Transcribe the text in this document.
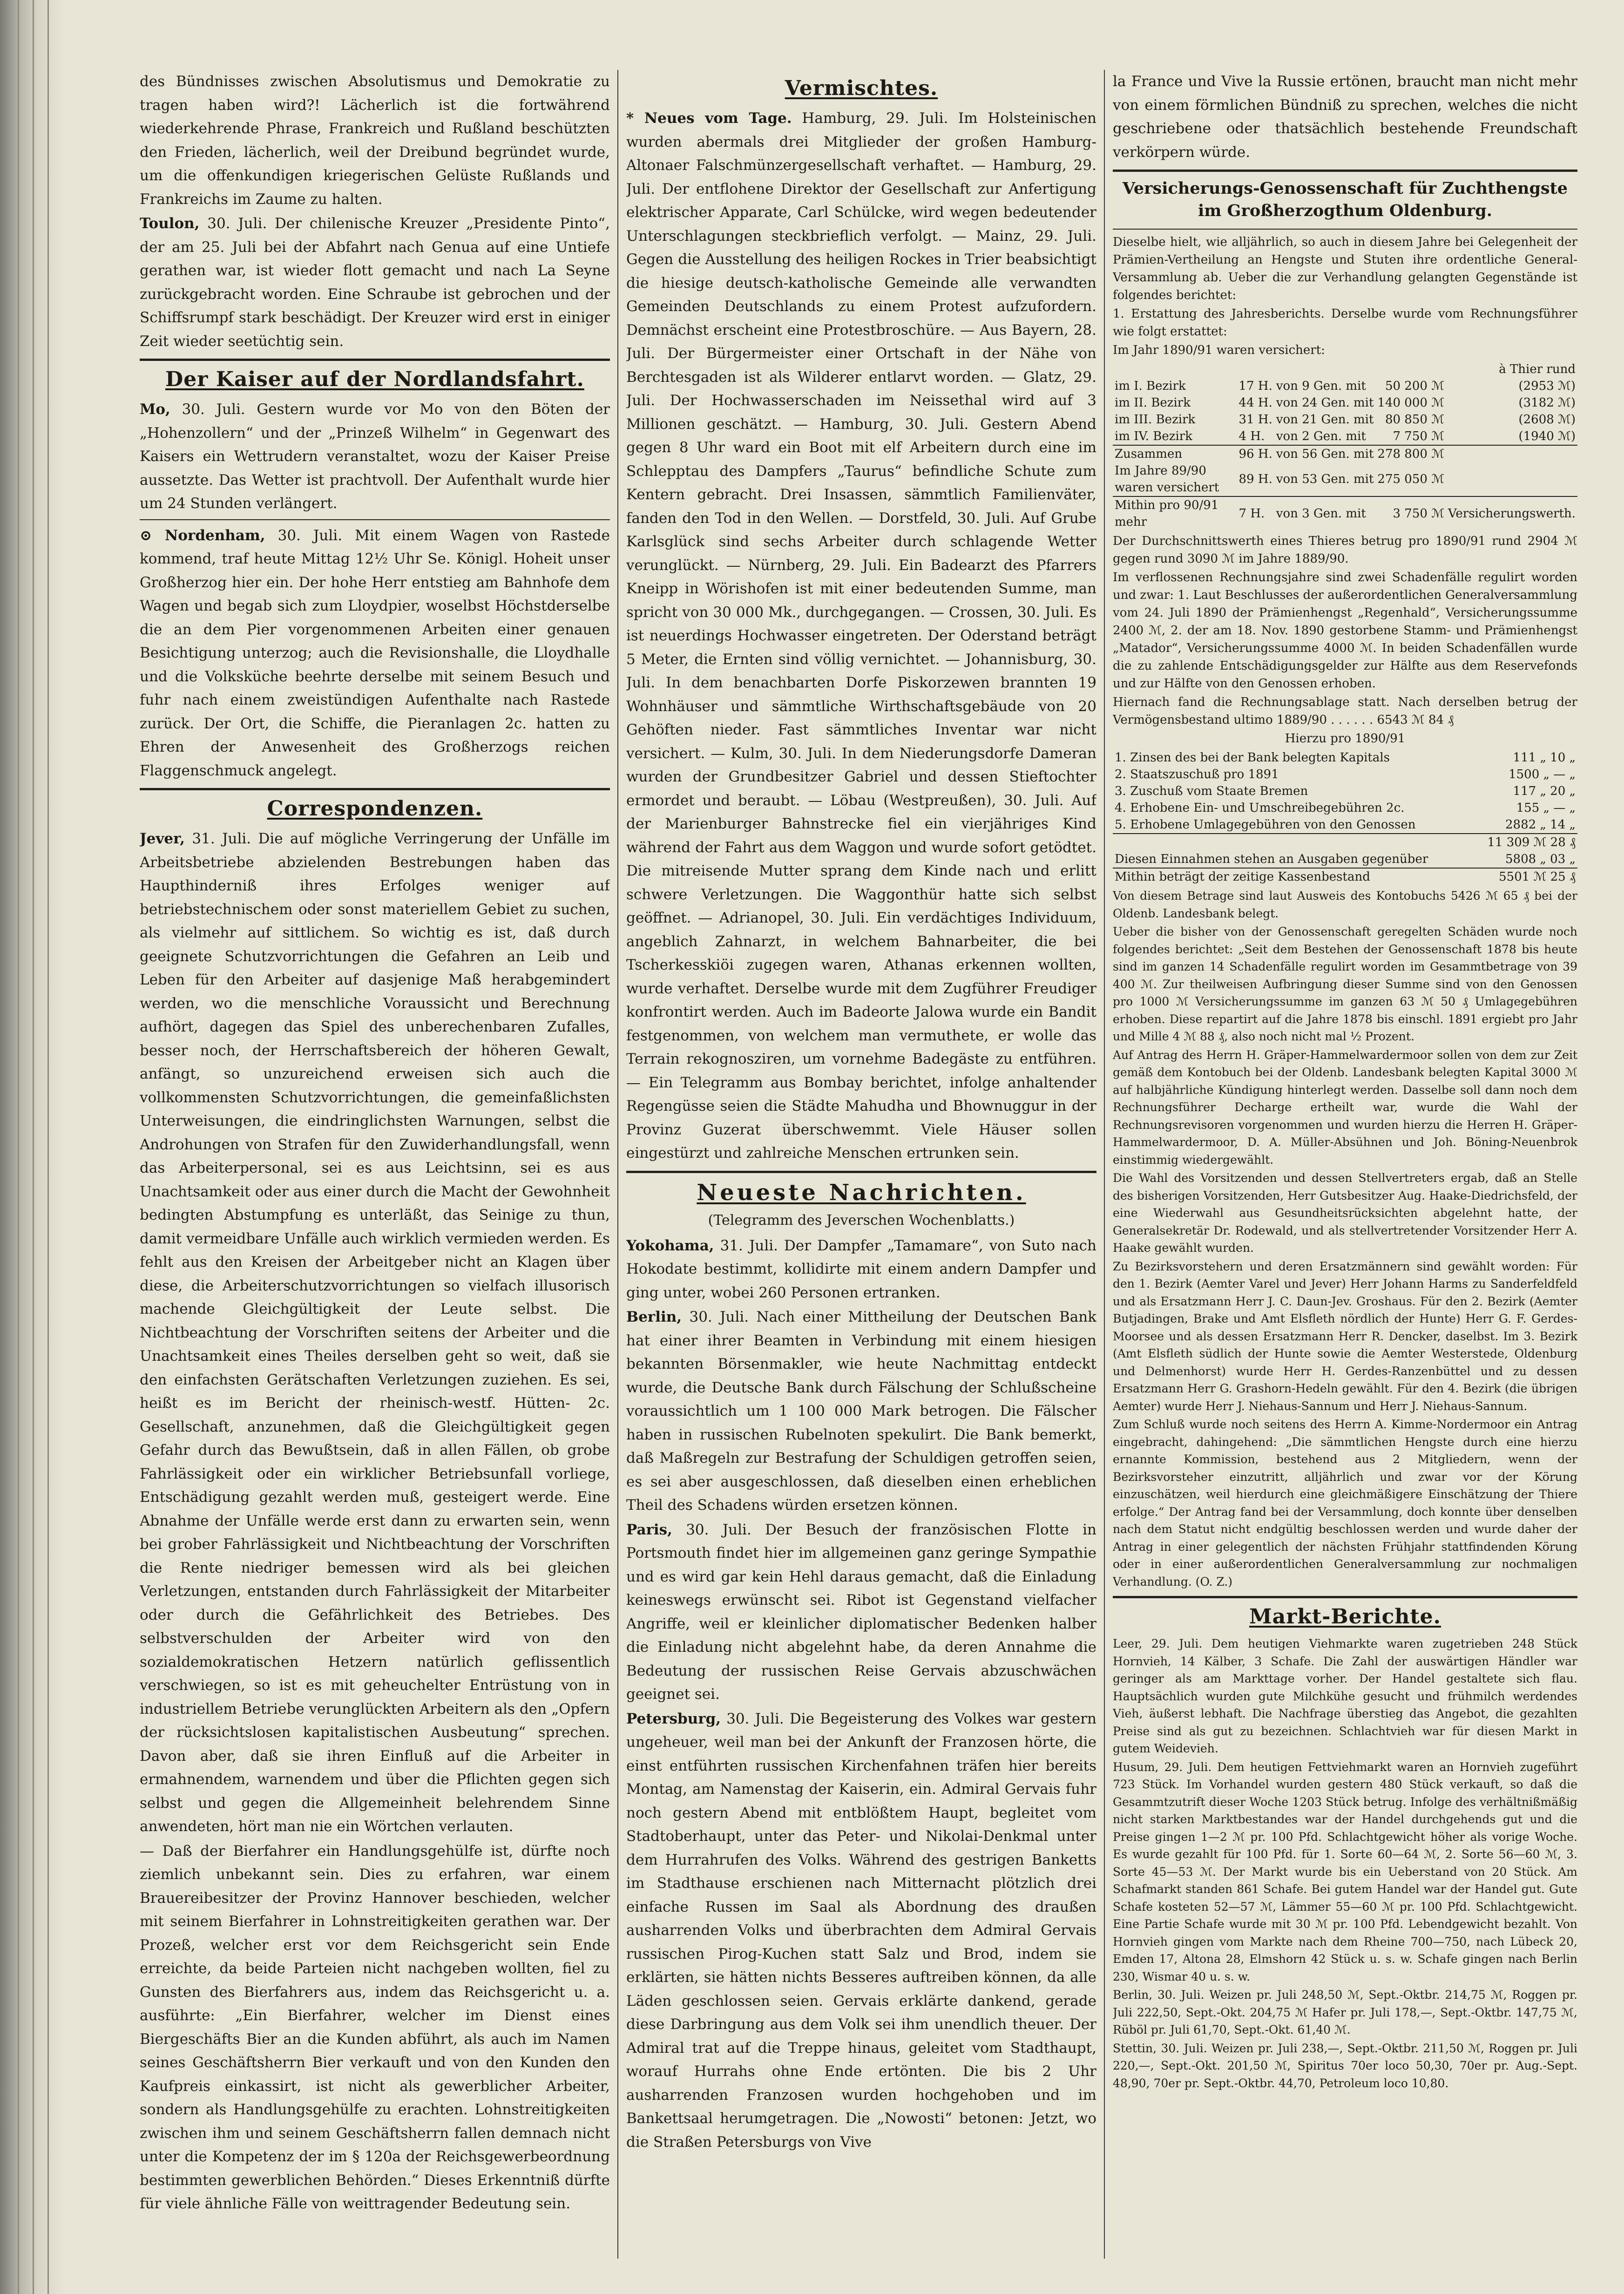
des Bündnisses zwischen Absolutismus und Demokratie zu tragen haben wird?! Lächerlich ist die fortwährend wiederkehrende Phrase, Frankreich und Rußland beschützten den Frieden, lächerlich, weil der Dreibund begründet wurde, um die offenkundigen kriegerischen Gelüste Rußlands und Frankreichs im Zaume zu halten.

Toulon, 30. Juli. Der chilenische Kreuzer „Presidente Pinto“, der am 25. Juli bei der Abfahrt nach Genua auf eine Untiefe gerathen war, ist wieder flott gemacht und nach La Seyne zurückgebracht worden. Eine Schraube ist gebrochen und der Schiffsrumpf stark beschädigt. Der Kreuzer wird erst in einiger Zeit wieder seetüchtig sein.

Der Kaiser auf der Nordlandsfahrt.

Mo, 30. Juli. Gestern wurde vor Mo von den Böten der „Hohenzollern“ und der „Prinzeß Wilhelm“ in Gegenwart des Kaisers ein Wettrudern veranstaltet, wozu der Kaiser Preise aussetzte. Das Wetter ist prachtvoll. Der Aufenthalt wurde hier um 24 Stunden verlängert.

⊙ Nordenham, 30. Juli. Mit einem Wagen von Rastede kommend, traf heute Mittag 12½ Uhr Se. Königl. Hoheit unser Großherzog hier ein. Der hohe Herr entstieg am Bahnhofe dem Wagen und begab sich zum Lloydpier, woselbst Höchstderselbe die an dem Pier vorgenommenen Arbeiten einer genauen Besichtigung unterzog; auch die Revisionshalle, die Lloydhalle und die Volksküche beehrte derselbe mit seinem Besuch und fuhr nach einem zweistündigen Aufenthalte nach Rastede zurück. Der Ort, die Schiffe, die Pieranlagen 2c. hatten zu Ehren der Anwesenheit des Großherzogs reichen Flaggenschmuck angelegt.

Correspondenzen.

Jever, 31. Juli. Die auf mögliche Verringerung der Unfälle im Arbeitsbetriebe abzielenden Bestrebungen haben das Haupthinderniß ihres Erfolges weniger auf betriebstechnischem oder sonst materiellem Gebiet zu suchen, als vielmehr auf sittlichem. So wichtig es ist, daß durch geeignete Schutzvorrichtungen die Gefahren an Leib und Leben für den Arbeiter auf dasjenige Maß herabgemindert werden, wo die menschliche Voraussicht und Berechnung aufhört, dagegen das Spiel des unberechenbaren Zufalles, besser noch, der Herrschaftsbereich der höheren Gewalt, anfängt, so unzureichend erweisen sich auch die vollkommensten Schutzvorrichtungen, die gemeinfaßlichsten Unterweisungen, die eindringlichsten Warnungen, selbst die Androhungen von Strafen für den Zuwiderhandlungsfall, wenn das Arbeiterpersonal, sei es aus Leichtsinn, sei es aus Unachtsamkeit oder aus einer durch die Macht der Gewohnheit bedingten Abstumpfung es unterläßt, das Seinige zu thun, damit vermeidbare Unfälle auch wirklich vermieden werden. Es fehlt aus den Kreisen der Arbeitgeber nicht an Klagen über diese, die Arbeiterschutzvorrichtungen so vielfach illusorisch machende Gleichgültigkeit der Leute selbst. Die Nichtbeachtung der Vorschriften seitens der Arbeiter und die Unachtsamkeit eines Theiles derselben geht so weit, daß sie den einfachsten Gerätschaften Verletzungen zuziehen. Es sei, heißt es im Bericht der rheinisch-westf. Hütten- 2c. Gesellschaft, anzunehmen, daß die Gleichgültigkeit gegen Gefahr durch das Bewußtsein, daß in allen Fällen, ob grobe Fahrlässigkeit oder ein wirklicher Betriebsunfall vorliege, Entschädigung gezahlt werden muß, gesteigert werde. Eine Abnahme der Unfälle werde erst dann zu erwarten sein, wenn bei grober Fahrlässigkeit und Nichtbeachtung der Vorschriften die Rente niedriger bemessen wird als bei gleichen Verletzungen, entstanden durch Fahrlässigkeit der Mitarbeiter oder durch die Gefährlichkeit des Betriebes. Des selbstverschulden der Arbeiter wird von den sozialdemokratischen Hetzern natürlich geflissentlich verschwiegen, so ist es mit geheuchelter Entrüstung von in industriellem Betriebe verunglückten Arbeitern als den „Opfern der rücksichtslosen kapitalistischen Ausbeutung“ sprechen. Davon aber, daß sie ihren Einfluß auf die Arbeiter in ermahnendem, warnendem und über die Pflichten gegen sich selbst und gegen die Allgemeinheit belehrendem Sinne anwendeten, hört man nie ein Wörtchen verlauten.

— Daß der Bierfahrer ein Handlungsgehülfe ist, dürfte noch ziemlich unbekannt sein. Dies zu erfahren, war einem Brauereibesitzer der Provinz Hannover beschieden, welcher mit seinem Bierfahrer in Lohnstreitigkeiten gerathen war. Der Prozeß, welcher erst vor dem Reichsgericht sein Ende erreichte, da beide Parteien nicht nachgeben wollten, fiel zu Gunsten des Bierfahrers aus, indem das Reichsgericht u. a. ausführte: „Ein Bierfahrer, welcher im Dienst eines Biergeschäfts Bier an die Kunden abführt, als auch im Namen seines Geschäftsherrn Bier verkauft und von den Kunden den Kaufpreis einkassirt, ist nicht als gewerblicher Arbeiter, sondern als Handlungsgehülfe zu erachten. Lohnstreitigkeiten zwischen ihm und seinem Geschäftsherrn fallen demnach nicht unter die Kompetenz der im § 120a der Reichsgewerbeordnung bestimmten gewerblichen Behörden.“ Dieses Erkenntniß dürfte für viele ähnliche Fälle von weittragender Bedeutung sein.

Vermischtes.

* Neues vom Tage. Hamburg, 29. Juli. Im Holsteinischen wurden abermals drei Mitglieder der großen Hamburg-Altonaer Falschmünzergesellschaft verhaftet. — Hamburg, 29. Juli. Der entflohene Direktor der Gesellschaft zur Anfertigung elektrischer Apparate, Carl Schülcke, wird wegen bedeutender Unterschlagungen steckbrieflich verfolgt. — Mainz, 29. Juli. Gegen die Ausstellung des heiligen Rockes in Trier beabsichtigt die hiesige deutsch-katholische Gemeinde alle verwandten Gemeinden Deutschlands zu einem Protest aufzufordern. Demnächst erscheint eine Protestbroschüre. — Aus Bayern, 28. Juli. Der Bürgermeister einer Ortschaft in der Nähe von Berchtesgaden ist als Wilderer entlarvt worden. — Glatz, 29. Juli. Der Hochwasserschaden im Neissethal wird auf 3 Millionen geschätzt. — Hamburg, 30. Juli. Gestern Abend gegen 8 Uhr ward ein Boot mit elf Arbeitern durch eine im Schlepptau des Dampfers „Taurus“ befindliche Schute zum Kentern gebracht. Drei Insassen, sämmtlich Familienväter, fanden den Tod in den Wellen. — Dorstfeld, 30. Juli. Auf Grube Karlsglück sind sechs Arbeiter durch schlagende Wetter verunglückt. — Nürnberg, 29. Juli. Ein Badearzt des Pfarrers Kneipp in Wörishofen ist mit einer bedeutenden Summe, man spricht von 30 000 Mk., durchgegangen. — Crossen, 30. Juli. Es ist neuerdings Hochwasser eingetreten. Der Oderstand beträgt 5 Meter, die Ernten sind völlig vernichtet. — Johannisburg, 30. Juli. In dem benachbarten Dorfe Piskorzewen brannten 19 Wohnhäuser und sämmtliche Wirthschaftsgebäude von 20 Gehöften nieder. Fast sämmtliches Inventar war nicht versichert. — Kulm, 30. Juli. In dem Niederungsdorfe Dameran wurden der Grundbesitzer Gabriel und dessen Stieftochter ermordet und beraubt. — Löbau (Westpreußen), 30. Juli. Auf der Marienburger Bahnstrecke fiel ein vierjähriges Kind während der Fahrt aus dem Waggon und wurde sofort getödtet. Die mitreisende Mutter sprang dem Kinde nach und erlitt schwere Verletzungen. Die Waggonthür hatte sich selbst geöffnet. — Adrianopel, 30. Juli. Ein verdächtiges Individuum, angeblich Zahnarzt, in welchem Bahnarbeiter, die bei Tscherkesskiöi zugegen waren, Athanas erkennen wollten, wurde verhaftet. Derselbe wurde mit dem Zugführer Freudiger konfrontirt werden. Auch im Badeorte Jalowa wurde ein Bandit festgenommen, von welchem man vermuthete, er wolle das Terrain rekognosziren, um vornehme Badegäste zu entführen. — Ein Telegramm aus Bombay berichtet, infolge anhaltender Regengüsse seien die Städte Mahudha und Bhownuggur in der Provinz Guzerat überschwemmt. Viele Häuser sollen eingestürzt und zahlreiche Menschen ertrunken sein.

Neueste Nachrichten.
(Telegramm des Jeverschen Wochenblatts.)

Yokohama, 31. Juli. Der Dampfer „Tamamare“, von Suto nach Hokodate bestimmt, kollidirte mit einem andern Dampfer und ging unter, wobei 260 Personen ertranken.

Berlin, 30. Juli. Nach einer Mittheilung der Deutschen Bank hat einer ihrer Beamten in Verbindung mit einem hiesigen bekannten Börsenmakler, wie heute Nachmittag entdeckt wurde, die Deutsche Bank durch Fälschung der Schlußscheine voraussichtlich um 1 100 000 Mark betrogen. Die Fälscher haben in russischen Rubelnoten spekulirt. Die Bank bemerkt, daß Maßregeln zur Bestrafung der Schuldigen getroffen seien, es sei aber ausgeschlossen, daß dieselben einen erheblichen Theil des Schadens würden ersetzen können.

Paris, 30. Juli. Der Besuch der französischen Flotte in Portsmouth findet hier im allgemeinen ganz geringe Sympathie und es wird gar kein Hehl daraus gemacht, daß die Einladung keineswegs erwünscht sei. Ribot ist Gegenstand vielfacher Angriffe, weil er kleinlicher diplomatischer Bedenken halber die Einladung nicht abgelehnt habe, da deren Annahme die Bedeutung der russischen Reise Gervais abzuschwächen geeignet sei.

Petersburg, 30. Juli. Die Begeisterung des Volkes war gestern ungeheuer, weil man bei der Ankunft der Franzosen hörte, die einst entführten russischen Kirchenfahnen träfen hier bereits Montag, am Namenstag der Kaiserin, ein. Admiral Gervais fuhr noch gestern Abend mit entblößtem Haupt, begleitet vom Stadtoberhaupt, unter das Peter- und Nikolai-Denkmal unter dem Hurrahrufen des Volks. Während des gestrigen Banketts im Stadthause erschienen nach Mitternacht plötzlich drei einfache Russen im Saal als Abordnung des draußen ausharrenden Volks und überbrachten dem Admiral Gervais russischen Pirog-Kuchen statt Salz und Brod, indem sie erklärten, sie hätten nichts Besseres auftreiben können, da alle Läden geschlossen seien. Gervais erklärte dankend, gerade diese Darbringung aus dem Volk sei ihm unendlich theuer. Der Admiral trat auf die Treppe hinaus, geleitet vom Stadthaupt, worauf Hurrahs ohne Ende ertönten. Die bis 2 Uhr ausharrenden Franzosen wurden hochgehoben und im Bankettsaal herumgetragen. Die „Nowosti“ betonen: Jetzt, wo die Straßen Petersburgs von Vive

la France und Vive la Russie ertönen, braucht man nicht mehr von einem förmlichen Bündniß zu sprechen, welches die nicht geschriebene oder thatsächlich bestehende Freundschaft verkörpern würde.

Versicherungs-Genossenschaft für Zuchthengste im Großherzogthum Oldenburg.

Dieselbe hielt, wie alljährlich, so auch in diesem Jahre bei Gelegenheit der Prämien-Vertheilung an Hengste und Stuten ihre ordentliche General-Versammlung ab. Ueber die zur Verhandlung gelangten Gegenstände ist folgendes berichtet:

1. Erstattung des Jahresberichts. Derselbe wurde vom Rechnungsführer wie folgt erstattet:

Im Jahr 1890/91 waren versichert:

				à Thier rund
im I. Bezirk	17 H.	von 9 Gen. mit	50 200 ℳ	(2953 ℳ)
im II. Bezirk	44 H.	von 24 Gen. mit	140 000 ℳ	(3182 ℳ)
im III. Bezirk	31 H.	von 21 Gen. mit	80 850 ℳ	(2608 ℳ)
im IV. Bezirk	4 H.	von 2 Gen. mit	7 750 ℳ	(1940 ℳ)
Zusammen	96 H.	von 56 Gen. mit	278 800 ℳ	
Im Jahre 89/90 waren versichert	89 H.	von 53 Gen. mit	275 050 ℳ	
Mithin pro 90/91 mehr	7 H.	von 3 Gen. mit	3 750 ℳ	Versicherungswerth.

Der Durchschnittswerth eines Thieres betrug pro 1890/91 rund 2904 ℳ gegen rund 3090 ℳ im Jahre 1889/90.

Im verflossenen Rechnungsjahre sind zwei Schadenfälle regulirt worden und zwar: 1. Laut Beschlusses der außerordentlichen Generalversammlung vom 24. Juli 1890 der Prämienhengst „Regenhald“, Versicherungssumme 2400 ℳ, 2. der am 18. Nov. 1890 gestorbene Stamm- und Prämienhengst „Matador“, Versicherungssumme 4000 ℳ. In beiden Schadenfällen wurde die zu zahlende Entschädigungsgelder zur Hälfte aus dem Reservefonds und zur Hälfte von den Genossen erhoben.

Hiernach fand die Rechnungsablage statt. Nach derselben betrug der Vermögensbestand ultimo 1889/90 . . . . . . 6543 ℳ 84 ₰

Hierzu pro 1890/91
1. Zinsen des bei der Bank belegten Kapitals	111 „ 10 „
2. Staatszuschuß pro 1891	1500 „ — „
3. Zuschuß vom Staate Bremen	117 „ 20 „
4. Erhobene Ein- und Umschreibegebühren 2c.	155 „ — „
5. Erhobene Umlagegebühren von den Genossen	2882 „ 14 „
	11 309 ℳ 28 ₰
Diesen Einnahmen stehen an Ausgaben gegenüber	5808 „ 03 „
Mithin beträgt der zeitige Kassenbestand	5501 ℳ 25 ₰

Von diesem Betrage sind laut Ausweis des Kontobuchs 5426 ℳ 65 ₰ bei der Oldenb. Landesbank belegt.

Ueber die bisher von der Genossenschaft geregelten Schäden wurde noch folgendes berichtet: „Seit dem Bestehen der Genossenschaft 1878 bis heute sind im ganzen 14 Schadenfälle regulirt worden im Gesammtbetrage von 39 400 ℳ. Zur theilweisen Aufbringung dieser Summe sind von den Genossen pro 1000 ℳ Versicherungssumme im ganzen 63 ℳ 50 ₰ Umlagegebühren erhoben. Diese repartirt auf die Jahre 1878 bis einschl. 1891 ergiebt pro Jahr und Mille 4 ℳ 88 ₰, also noch nicht mal ½ Prozent.

Auf Antrag des Herrn H. Gräper-Hammelwardermoor sollen von dem zur Zeit gemäß dem Kontobuch bei der Oldenb. Landesbank belegten Kapital 3000 ℳ auf halbjährliche Kündigung hinterlegt werden. Dasselbe soll dann noch dem Rechnungsführer Decharge ertheilt war, wurde die Wahl der Rechnungsrevisoren vorgenommen und wurden hierzu die Herren H. Gräper-Hammelwardermoor, D. A. Müller-Absühnen und Joh. Böning-Neuenbrok einstimmig wiedergewählt.

Die Wahl des Vorsitzenden und dessen Stellvertreters ergab, daß an Stelle des bisherigen Vorsitzenden, Herr Gutsbesitzer Aug. Haake-Diedrichsfeld, der eine Wiederwahl aus Gesundheitsrücksichten abgelehnt hatte, der Generalsekretär Dr. Rodewald, und als stellvertretender Vorsitzender Herr A. Haake gewählt wurden.

Zu Bezirksvorstehern und deren Ersatzmännern sind gewählt worden: Für den 1. Bezirk (Aemter Varel und Jever) Herr Johann Harms zu Sanderfeldfeld und als Ersatzmann Herr J. C. Daun-Jev. Groshaus. Für den 2. Bezirk (Aemter Butjadingen, Brake und Amt Elsfleth nördlich der Hunte) Herr G. F. Gerdes-Moorsee und als dessen Ersatzmann Herr R. Dencker, daselbst. Im 3. Bezirk (Amt Elsfleth südlich der Hunte sowie die Aemter Westerstede, Oldenburg und Delmenhorst) wurde Herr H. Gerdes-Ranzenbüttel und zu dessen Ersatzmann Herr G. Grashorn-Hedeln gewählt. Für den 4. Bezirk (die übrigen Aemter) wurde Herr J. Niehaus-Sannum und Herr J. Niehaus-Sannum.

Zum Schluß wurde noch seitens des Herrn A. Kimme-Nordermoor ein Antrag eingebracht, dahingehend: „Die sämmtlichen Hengste durch eine hierzu ernannte Kommission, bestehend aus 2 Mitgliedern, wenn der Bezirksvorsteher einzutritt, alljährlich und zwar vor der Körung einzuschätzen, weil hierdurch eine gleichmäßigere Einschätzung der Thiere erfolge.“ Der Antrag fand bei der Versammlung, doch konnte über denselben nach dem Statut nicht endgültig beschlossen werden und wurde daher der Antrag in einer gelegentlich der nächsten Frühjahr stattfindenden Körung oder in einer außerordentlichen Generalversammlung zur nochmaligen Verhandlung. (O. Z.)

Markt-Berichte.

Leer, 29. Juli. Dem heutigen Viehmarkte waren zugetrieben 248 Stück Hornvieh, 14 Kälber, 3 Schafe. Die Zahl der auswärtigen Händler war geringer als am Markttage vorher. Der Handel gestaltete sich flau. Hauptsächlich wurden gute Milchkühe gesucht und frühmilch werdendes Vieh, äußerst lebhaft. Die Nachfrage überstieg das Angebot, die gezahlten Preise sind als gut zu bezeichnen. Schlachtvieh war für diesen Markt in gutem Weidevieh.

Husum, 29. Juli. Dem heutigen Fettviehmarkt waren an Hornvieh zugeführt 723 Stück. Im Vorhandel wurden gestern 480 Stück verkauft, so daß die Gesammtzutrift dieser Woche 1203 Stück betrug. Infolge des verhältnißmäßig nicht starken Marktbestandes war der Handel durchgehends gut und die Preise gingen 1—2 ℳ pr. 100 Pfd. Schlachtgewicht höher als vorige Woche. Es wurde gezahlt für 100 Pfd. für 1. Sorte 60—64 ℳ, 2. Sorte 56—60 ℳ, 3. Sorte 45—53 ℳ. Der Markt wurde bis ein Ueberstand von 20 Stück. Am Schafmarkt standen 861 Schafe. Bei gutem Handel war der Handel gut. Gute Schafe kosteten 52—57 ℳ, Lämmer 55—60 ℳ pr. 100 Pfd. Schlachtgewicht. Eine Partie Schafe wurde mit 30 ℳ pr. 100 Pfd. Lebendgewicht bezahlt. Von Hornvieh gingen vom Markte nach dem Rheine 700—750, nach Lübeck 20, Emden 17, Altona 28, Elmshorn 42 Stück u. s. w. Schafe gingen nach Berlin 230, Wismar 40 u. s. w.

Berlin, 30. Juli. Weizen pr. Juli 248,50 ℳ, Sept.-Oktbr. 214,75 ℳ, Roggen pr. Juli 222,50, Sept.-Okt. 204,75 ℳ Hafer pr. Juli 178,—, Sept.-Oktbr. 147,75 ℳ, Rüböl pr. Juli 61,70, Sept.-Okt. 61,40 ℳ.

Stettin, 30. Juli. Weizen pr. Juli 238,—, Sept.-Oktbr. 211,50 ℳ, Roggen pr. Juli 220,—, Sept.-Okt. 201,50 ℳ, Spiritus 70er loco 50,30, 70er pr. Aug.-Sept. 48,90, 70er pr. Sept.-Oktbr. 44,70, Petroleum loco 10,80.
